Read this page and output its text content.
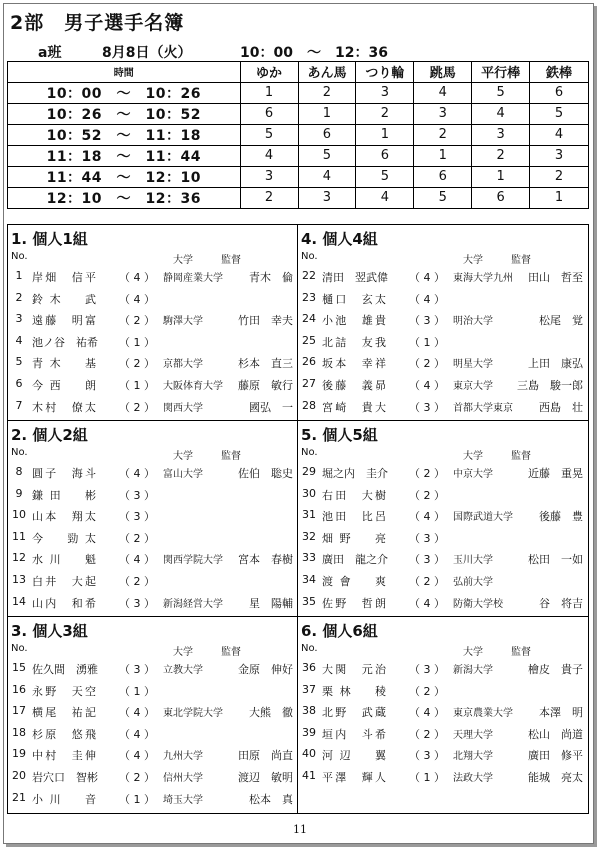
2部　男子選手名簿
a班	8月8日（火）	10：00　〜　12：36
時間	ゆか	あん馬	つり輪	跳馬	平行棒	鉄棒
10：00　〜　10：26	1	2	3	4	5	6
10：26　〜　10：52	6	1	2	3	4	5
10：52　〜　11：18	5	6	1	2	3	4
11：18　〜　11：44	4	5	6	1	2	3
11：44　〜　12：10	3	4	5	6	1	2
12：10　〜　12：36	2	3	4	5	6	1
1. 個人1組
No.	大学	監督
1 岸畑　信平 （ 4 ） 静岡産業大学	青木　倫
2 鈴木　武 （ 4 ）
3 遠藤　明富 （ 2 ） 駒澤大学	竹田　幸夫
4 池ノ谷　祐希 （ 1 ）
5 青木　基 （ 2 ） 京都大学	杉本　直三
6 今西　朗 （ 1 ） 大阪体育大学	藤原　敏行
7 木村　僚太 （ 2 ） 関西大学	國弘　一
4. 個人4組
No.	大学	監督
22 清田　翌武偉 （ 4 ） 東海大学九州	田山　哲至
23 樋口　玄太 （ 4 ）
24 小池　雄貴 （ 3 ） 明治大学	松尾　覚
25 北詰　友我 （ 1 ）
26 坂本　幸祥 （ 2 ） 明星大学	上田　康弘
27 後藤　義昴 （ 4 ） 東京大学	三島　駿一郎
28 宮崎　貴大 （ 3 ） 首都大学東京	西島　壮
2. 個人2組
No.	大学	監督
8 圓子　海斗 （ 4 ） 富山大学	佐伯　聡史
9 鎌田　彬 （ 3 ）
10 山本　翔太 （ 3 ）
11 今　勁太 （ 2 ）
12 水川　魁 （ 4 ） 関西学院大学	宮本　春樹
13 白井　大起 （ 2 ）
14 山内　和希 （ 3 ） 新潟経営大学	星　陽輔
5. 個人5組
No.	大学	監督
29 堀之内　圭介 （ 2 ） 中京大学	近藤　重晃
30 右田　大樹 （ 2 ）
31 池田　比呂 （ 4 ） 国際武道大学	後藤　豊
32 畑野　亮 （ 3 ）
33 廣田　龍之介 （ 3 ） 玉川大学	松田　一如
34 渡會　爽 （ 2 ） 弘前大学
35 佐野　哲朗 （ 4 ） 防衛大学校	谷　将吉
3. 個人3組
No.	大学	監督
15 佐久間　湧雅 （ 3 ） 立教大学	金原　伸好
16 永野　天空 （ 1 ）
17 横尾　祐記 （ 4 ） 東北学院大学	大熊　徹
18 杉原　悠飛 （ 4 ）
19 中村　圭伸 （ 4 ） 九州大学	田原　尚直
20 岩穴口　智彬 （ 2 ） 信州大学	渡辺　敏明
21 小川　音 （ 1 ） 埼玉大学	松本　真
6. 個人6組
No.	大学	監督
36 大関　元治 （ 3 ） 新潟大学	檜皮　貴子
37 栗林　稜 （ 2 ）
38 北野　武蔵 （ 4 ） 東京農業大学	本澤　明
39 垣内　斗希 （ 2 ） 天理大学	松山　尚道
40 河辺　翼 （ 3 ） 北翔大学	廣田　修平
41 平澤　輝人 （ 1 ） 法政大学	能城　亮太
11
